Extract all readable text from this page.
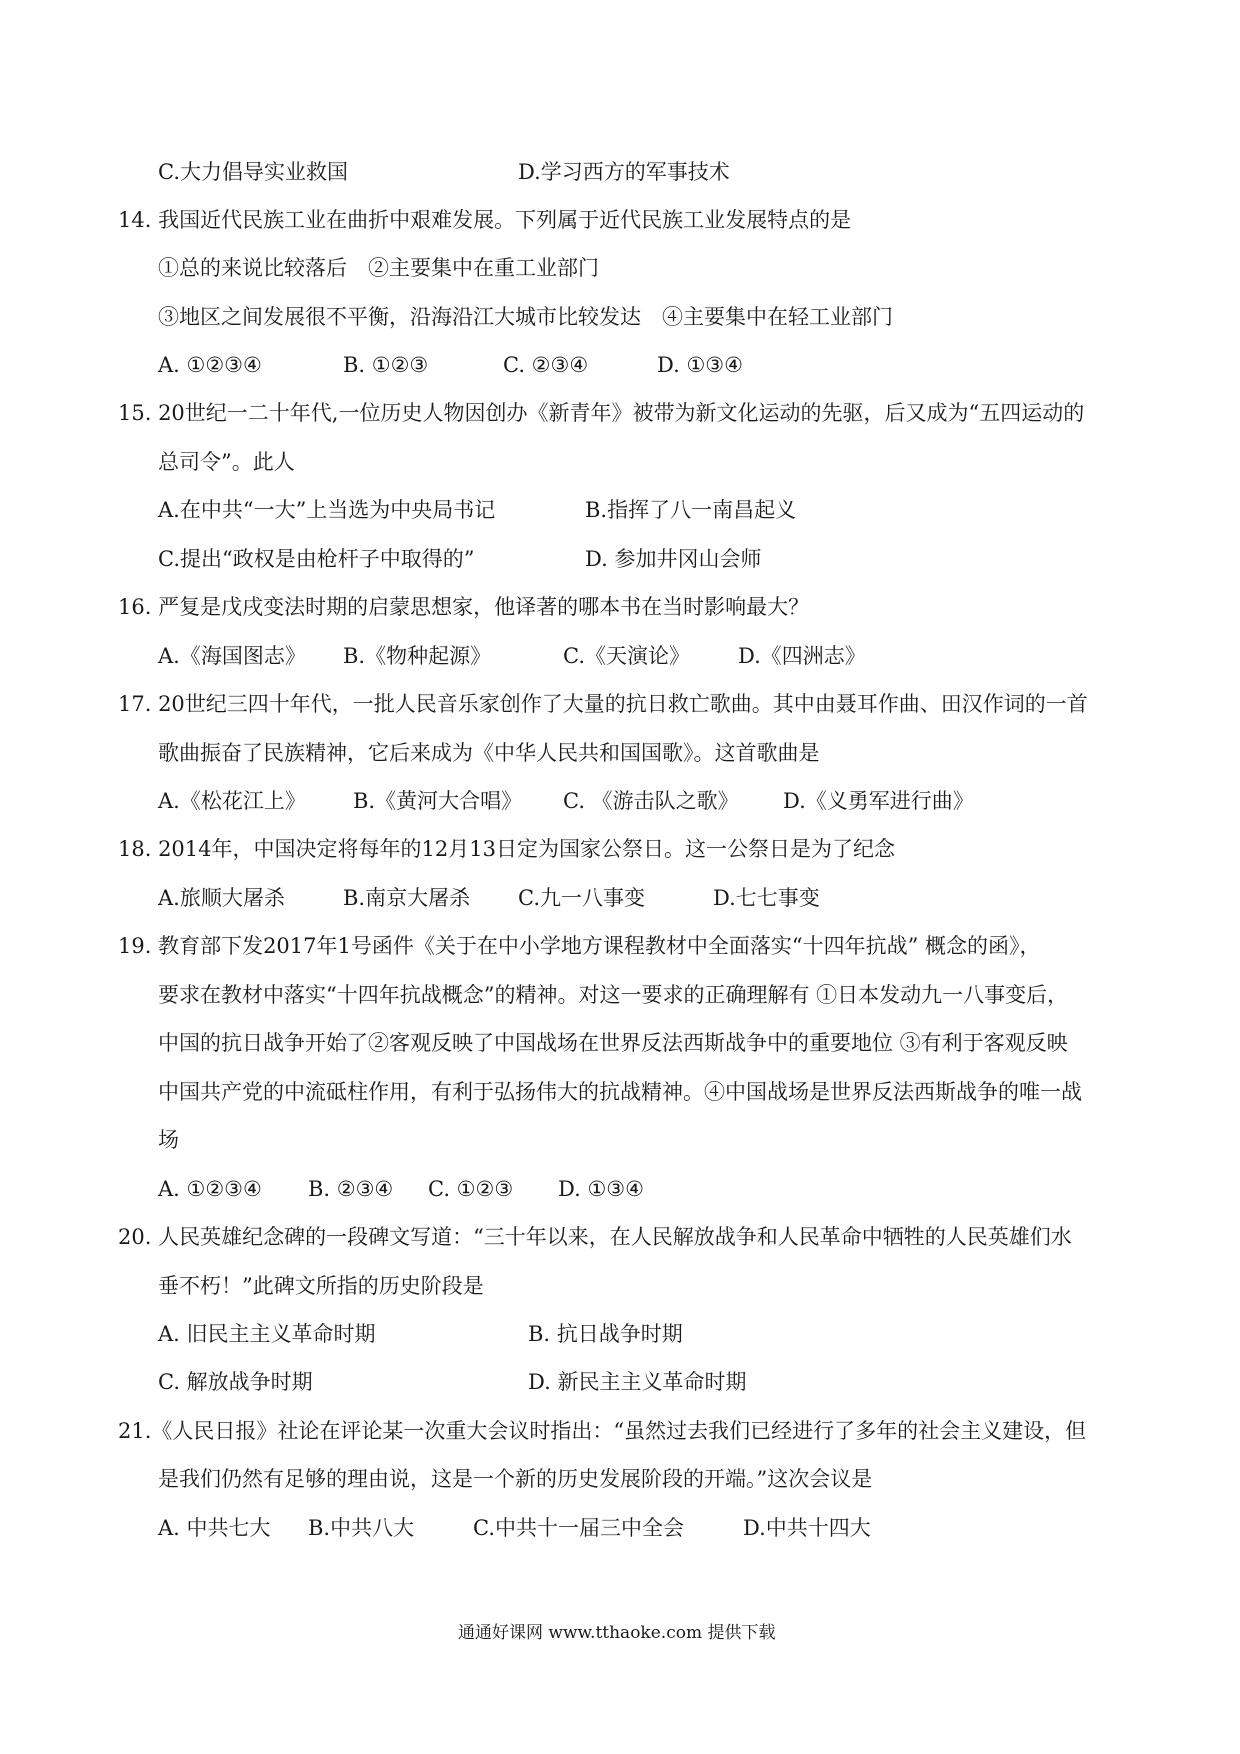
C.大力倡导实业救国	D.学习西方的军事技术
14. 我国近代民族工业在曲折中艰难发展。下列属于近代民族工业发展特点的是
①总的来说比较落后　②主要集中在重工业部门
③地区之间发展很不平衡，沿海沿江大城市比较发达　④主要集中在轻工业部门
A. ①②③④	B. ①②③	C. ②③④	D. ①③④
15. 20世纪一二十年代,一位历史人物因创办《新青年》被带为新文化运动的先驱，后又成为“五四运动的
总司令”。此人
A.在中共“一大”上当选为中央局书记	B.指挥了八一南昌起义
C.提出“政权是由枪杆子中取得的”	D. 参加井冈山会师
16. 严复是戊戌变法时期的启蒙思想家，他译著的哪本书在当时影响最大？
A.《海国图志》 B.《物种起源》	C.《天演论》 D.《四洲志》
17. 20世纪三四十年代，一批人民音乐家创作了大量的抗日救亡歌曲。其中由聂耳作曲、田汉作词的一首
歌曲振奋了民族精神，它后来成为《中华人民共和国国歌》。这首歌曲是
A.《松花江上》 B.《黄河大合唱》 C. 《游击队之歌》 D.《义勇军进行曲》
18. 2014年，中国决定将每年的12月13日定为国家公祭日。这一公祭日是为了纪念
A.旅顺大屠杀	B.南京大屠杀 C.九一八事变	D.七七事变
19. 教育部下发2017年1号函件《关于在中小学地方课程教材中全面落实“十四年抗战” 概念的函》，
要求在教材中落实“十四年抗战概念”的精神。对这一要求的正确理解有 ①日本发动九一八事变后，
中国的抗日战争开始了②客观反映了中国战场在世界反法西斯战争中的重要地位 ③有利于客观反映
中国共产党的中流砥柱作用，有利于弘扬伟大的抗战精神。④中国战场是世界反法西斯战争的唯一战
场
A. ①②③④ B. ②③④ C. ①②③ D. ①③④
20. 人民英雄纪念碑的一段碑文写道：“三十年以来，在人民解放战争和人民革命中牺牲的人民英雄们水
垂不朽！”此碑文所指的历史阶段是
A. 旧民主主义革命时期	B. 抗日战争时期
C. 解放战争时期	D. 新民主主义革命时期
21.《人民日报》社论在评论某一次重大会议时指出：“虽然过去我们已经进行了多年的社会主义建设，但
是我们仍然有足够的理由说，这是一个新的历史发展阶段的开端。”这次会议是
A. 中共七大 B.中共八大	C.中共十一届三中全会	D.中共十四大
通通好课网 www.tthaoke.com 提供下载
